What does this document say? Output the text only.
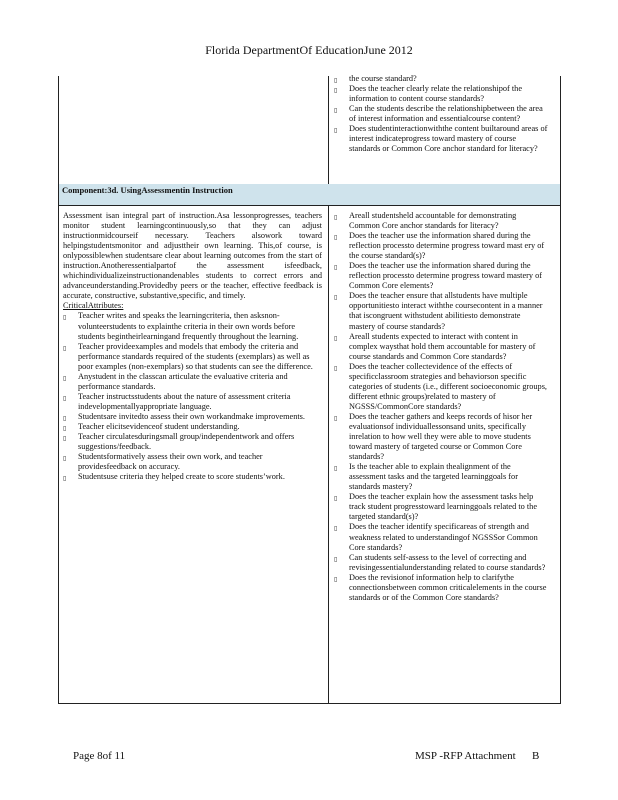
Florida DepartmentOf EducationJune 2012
▯ the course standard?
▯ Does the teacher clearly relate the relationshipof the information to content course standards?
▯ Can the students describe the relationshipbetween the area of interest information and essentialcourse content?
▯ Does studentinteractionwiththe content builtaround areas of interest indicateprogress toward mastery of course standards or Common Core anchor standard for literacy?
Component:3d. UsingAssessmentin Instruction
Assessment isan integral part of instruction.Asa lessonprogresses, teachers monitor student learningcontinuously,so that they can adjust instructionmidcourseif necessary. Teachers alsowork toward helpingstudentsmonitor and adjusttheir own learning. This,of course, is onlypossiblewhen studentsare clear about learning outcomes from the start of instruction.Anotheressentialpartof the assessment isfeedback, whichindividualizeinstructionandenables students to correct errors and advanceunderstanding.Providedby peers or the teacher, effective feedback is accurate, constructive, substantive,specific, and timely.
CriticalAttributes:
▯ Teacher writes and speaks the learningcriteria, then asksnon-volunteerstudents to explainthe criteria in their own words before students begintheirlearningand frequently throughout the learning.
▯ Teacher provideexamples and models that embody the criteria and performance standards required of the students (exemplars) as well as poor examples (non-exemplars) so that students can see the difference.
▯ Anystudent in the classcan articulate the evaluative criteria and performance standards.
▯ Teacher instructsstudents about the nature of assessment criteria indevelopmentallyappropriate language.
▯ Studentsare invitedto assess their own workandmake improvements.
▯ Teacher elicitsevidenceof student understanding.
▯ Teacher circulatesduringsmall group/independentwork and offers suggestions/feedback.
▯ Studentsformatively assess their own work, and teacher providesfeedback on accuracy.
▯ Studentsuse criteria they helped create to score students’work.
▯ Areall studentsheld accountable for demonstrating Common Core anchor standards for literacy?
▯ Does the teacher use the information shared during the reflection processto determine progress toward mast ery of the course standard(s)?
▯ Does the teacher use the information shared during the reflection processto determine progress toward mastery of Common Core elements?
▯ Does the teacher ensure that allstudents have multiple opportunitiesto interact withthe coursecontent in a manner that iscongruent withstudent abilitiesto demonstrate mastery of course standards?
▯ Areall students expected to interact with content in complex waysthat hold them accountable for mastery of course standards and Common Core standards?
▯ Does the teacher collectevidence of the effects of specificclassroom strategies and behaviorson specific categories of students (i.e., different socioeconomic groups, different ethnic groups)related to mastery of NGSSS/CommonCore standards?
▯ Does the teacher gathers and keeps records of hisor her evaluationsof individuallessonsand units, specifically inrelation to how well they were able to move students toward mastery of targeted course or Common Core standards?
▯ Is the teacher able to explain thealignment of the assessment tasks and the targeted learninggoals for standards mastery?
▯ Does the teacher explain how the assessment tasks help track student progresstoward learninggoals related to the targeted standard(s)?
▯ Does the teacher identify specificareas of strength and weakness related to understandingof NGSSSor Common Core standards?
▯ Can students self-assess to the level of correcting and revisingessentialunderstanding related to course standards?
▯ Does the revisionof information help to clarifythe connectionsbetween common criticalelements in the course standards or of the Common Core standards?
Page 8of 11	MSP -RFP Attachment B
